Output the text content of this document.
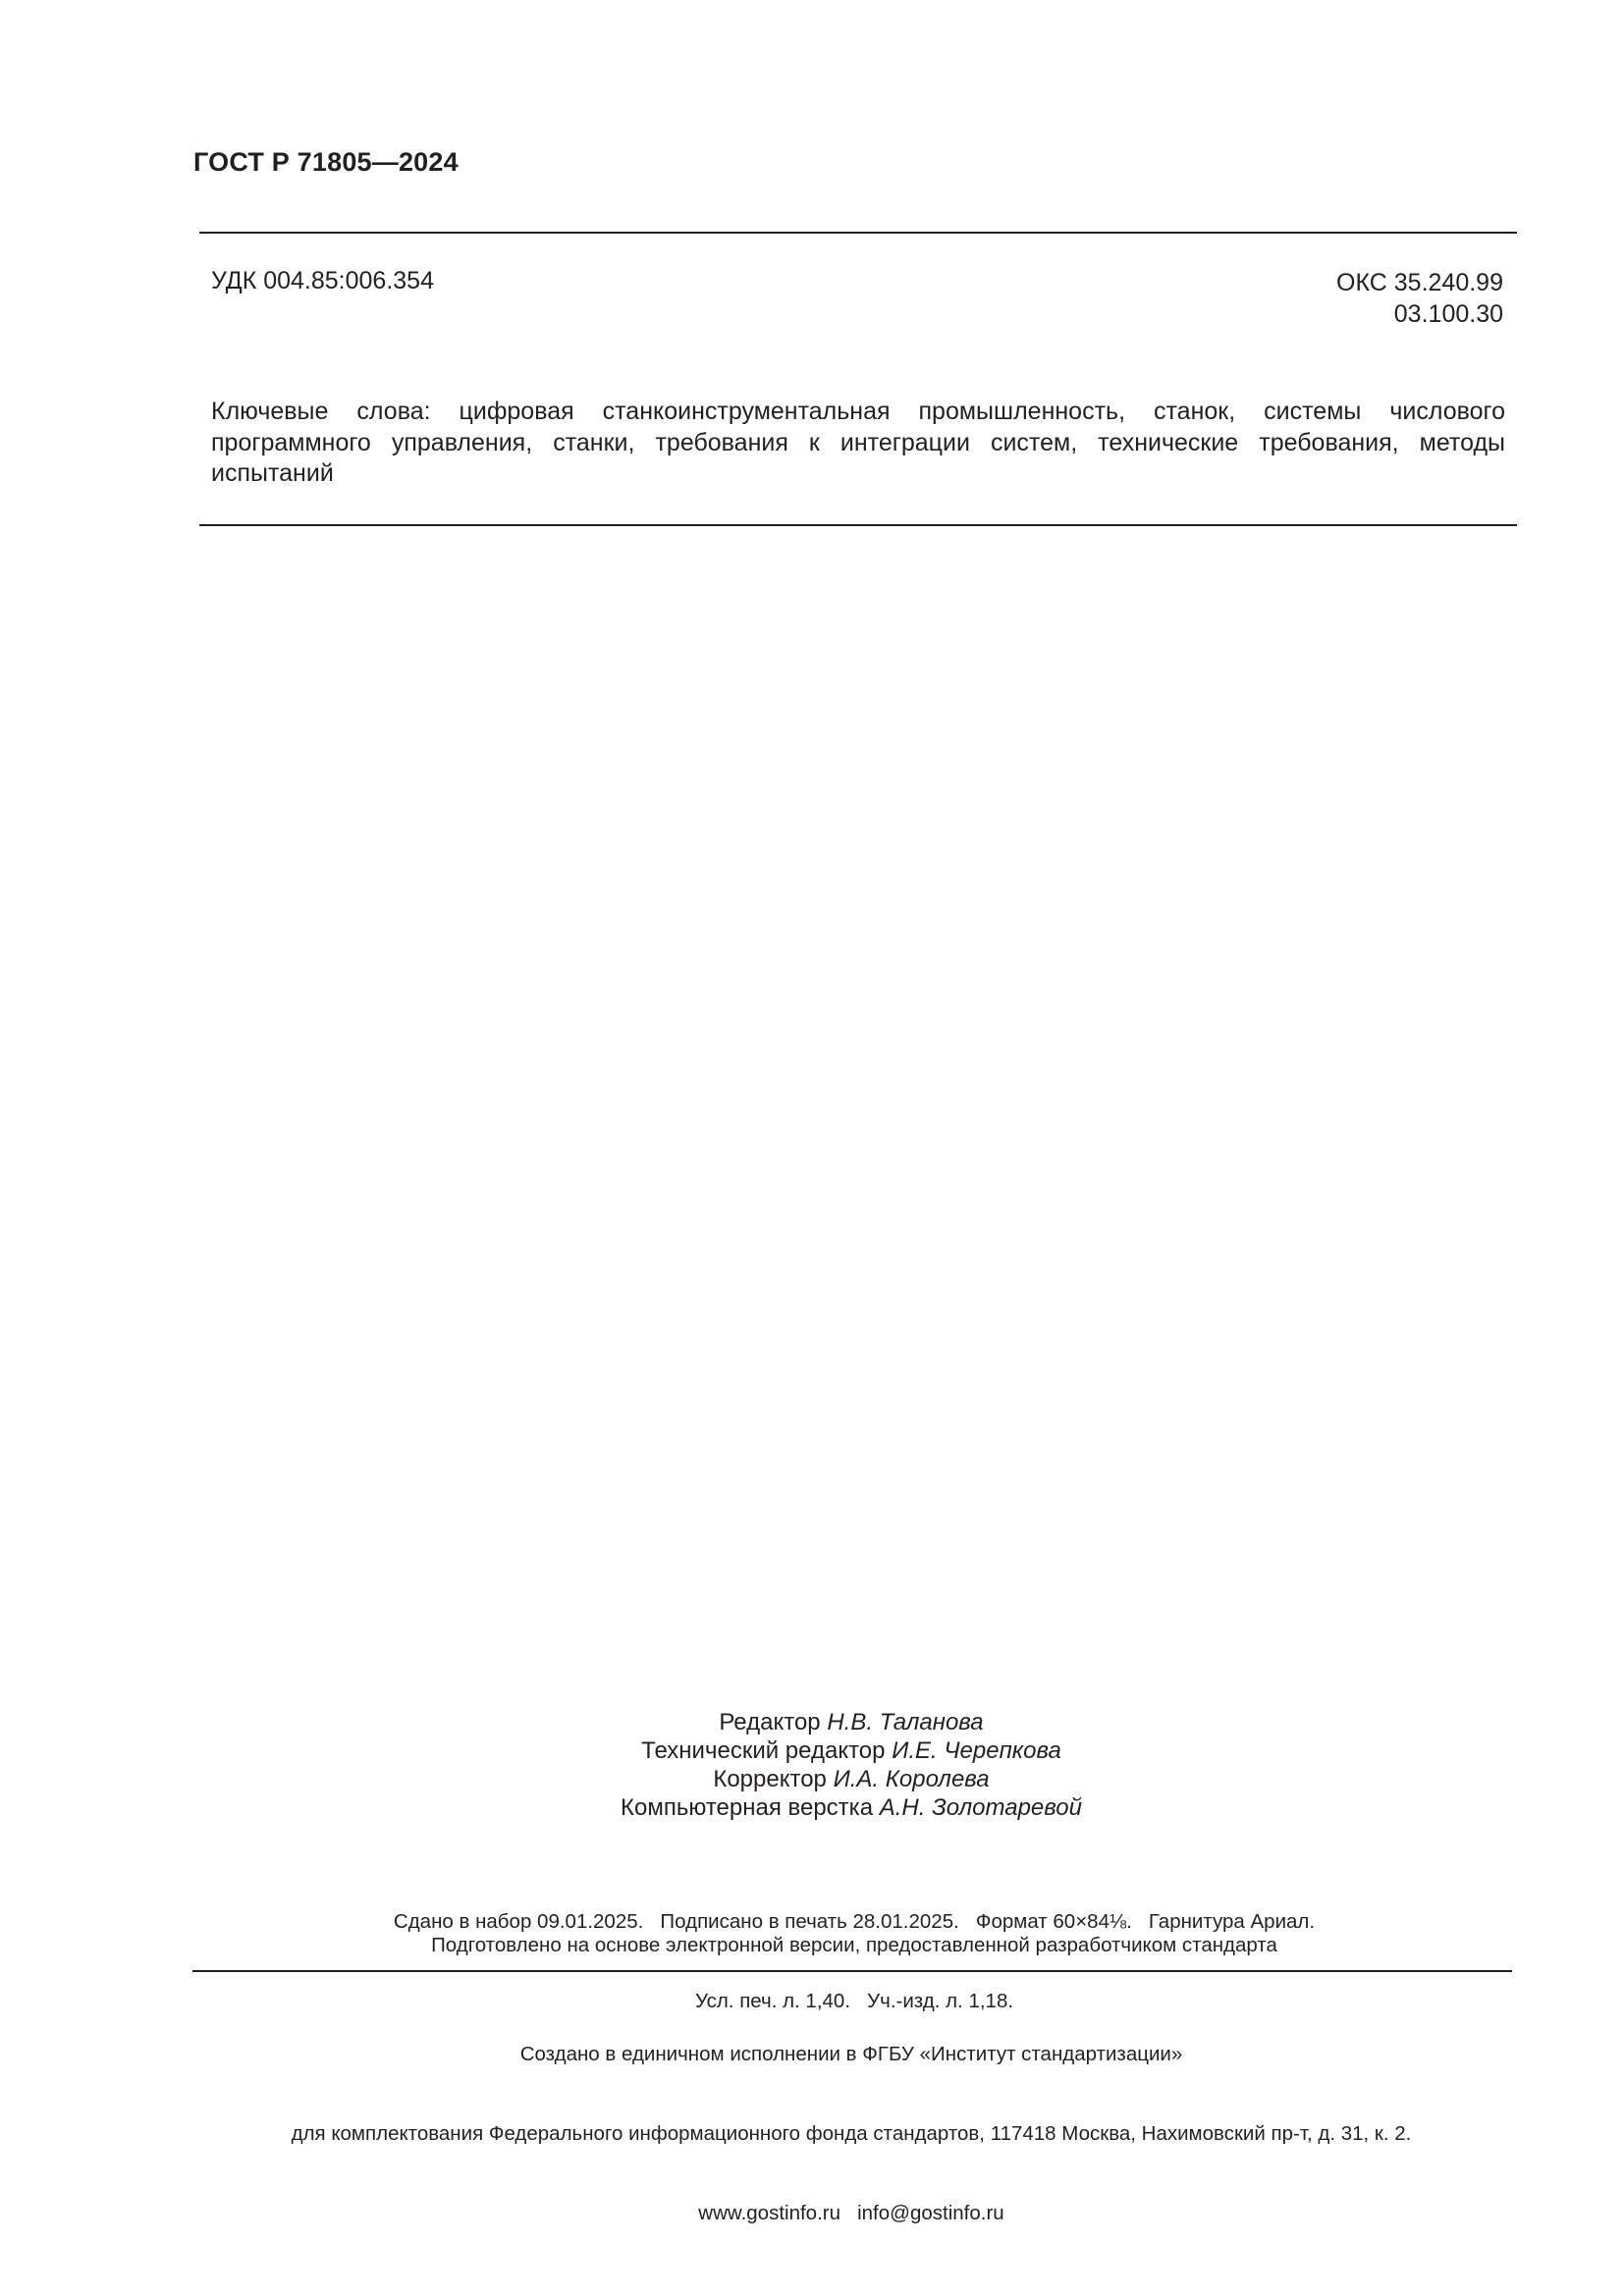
ГОСТ Р 71805—2024
УДК 004.85:006.354	ОКС 35.240.99
03.100.30
Ключевые слова: цифровая станкоинструментальная промышленность, станок, системы числового программного управления, станки, требования к интеграции систем, технические требования, методы испытаний
Редактор Н.В. Таланова
Технический редактор И.Е. Черепкова
Корректор И.А. Королева
Компьютерная верстка А.Н. Золотаревой

Сдано в набор 09.01.2025.   Подписано в печать 28.01.2025.   Формат 60×84⅛.   Гарнитура Ариал.

Усл. печ. л. 1,40.   Уч.-изд. л. 1,18.

Подготовлено на основе электронной версии, предоставленной разработчиком стандарта

Создано в единичном исполнении в ФГБУ «Институт стандартизации»

для комплектования Федерального информационного фонда стандартов, 117418 Москва, Нахимовский пр-т, д. 31, к. 2.

www.gostinfo.ru info@gostinfo.ru
